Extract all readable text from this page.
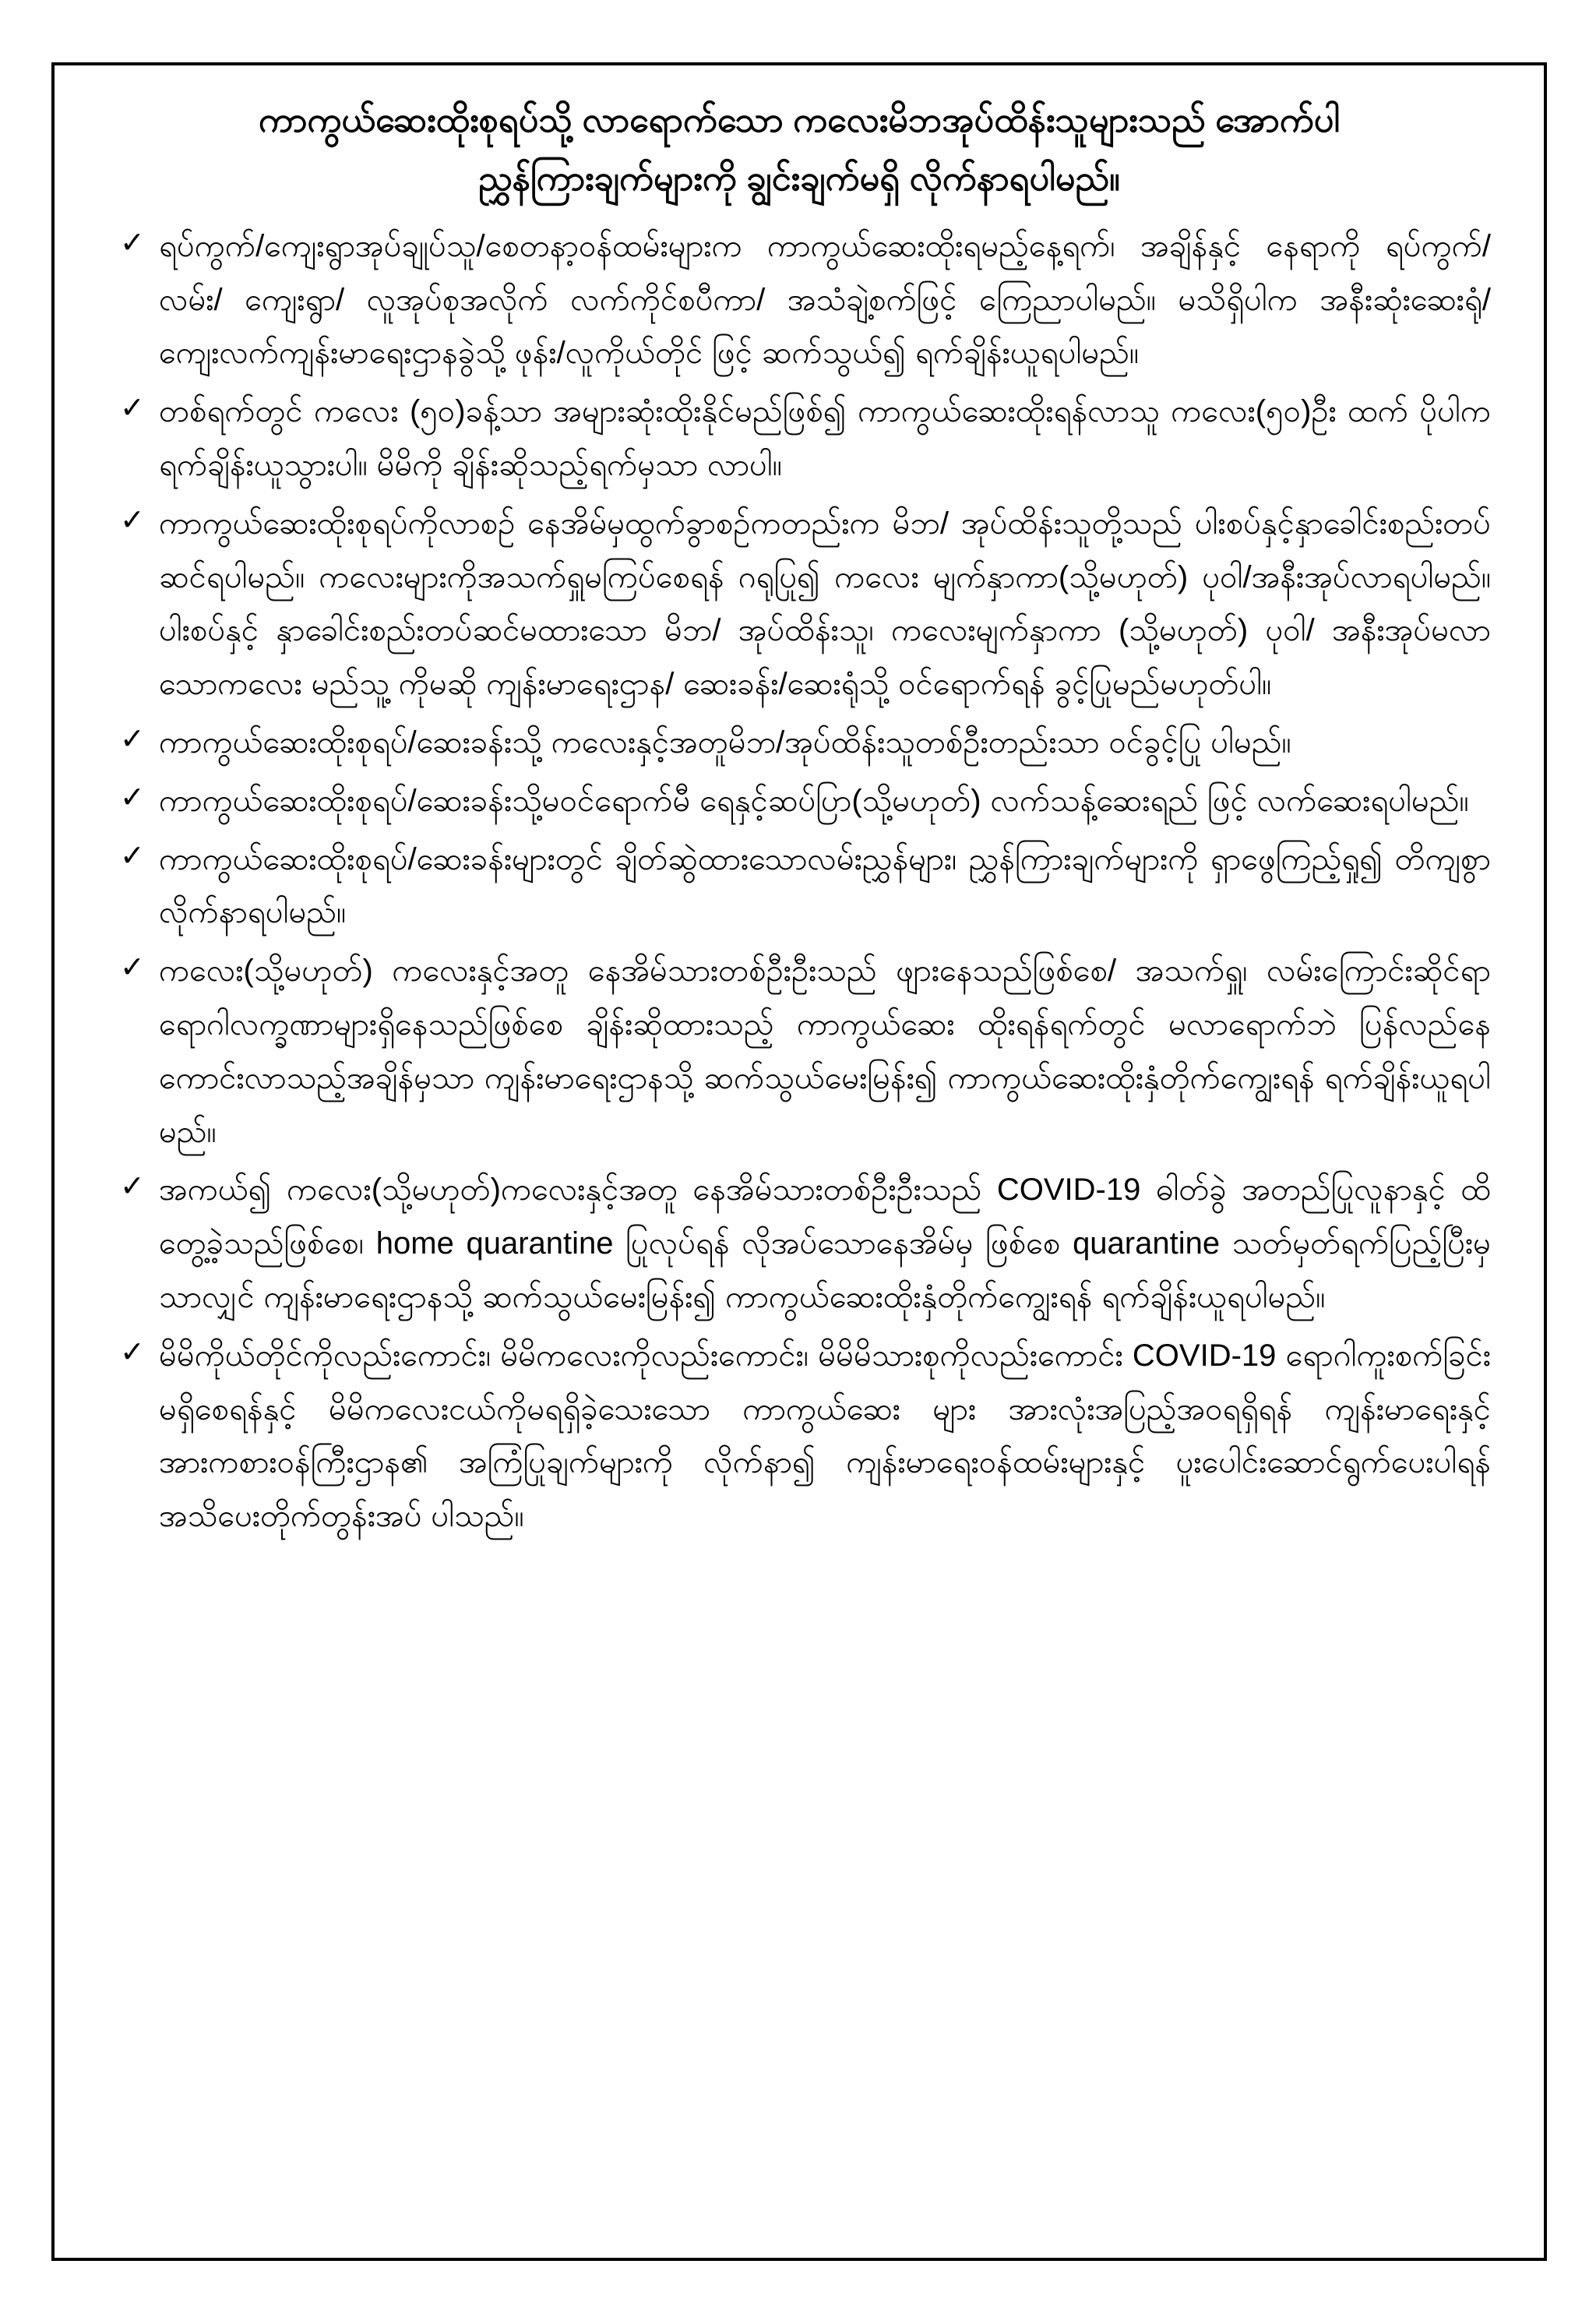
ကာကွယ်ဆေးထိုးစုရပ်သို့ လာရောက်သော ကလေးမိဘအုပ်ထိန်းသူများသည် အောက်ပါ
ညွှန်ကြားချက်များကို ချွင်းချက်မရှိ လိုက်နာရပါမည်။
✓ ရပ်ကွက်/ကျေးရွာအုပ်ချုပ်သူ/စေတနာ့ဝန်ထမ်းများက ကာကွယ်ဆေးထိုးရမည့်နေ့ရက်၊ အချိန်နှင့် နေရာကို ရပ်ကွက်/ လမ်း/ ကျေးရွာ/ လူအုပ်စုအလိုက် လက်ကိုင်စပီကာ/ အသံချဲ့စက်ဖြင့် ကြေညာပါမည်။ မသိရှိပါက အနီးဆုံးဆေးရုံ/ ကျေးလက်ကျန်းမာရေးဌာနခွဲသို့ ဖုန်း/လူကိုယ်တိုင် ဖြင့် ဆက်သွယ်၍ ရက်ချိန်းယူရပါမည်။
✓ တစ်ရက်တွင် ကလေး (၅၀)ခန့်သာ အများဆုံးထိုးနိုင်မည်ဖြစ်၍ ကာကွယ်ဆေးထိုးရန်လာသူ ကလေး(၅၀)ဦး ထက် ပိုပါက ရက်ချိန်းယူသွားပါ။ မိမိကို ချိန်းဆိုသည့်ရက်မှသာ လာပါ။
✓ ကာကွယ်ဆေးထိုးစုရပ်ကိုလာစဉ် နေအိမ်မှထွက်ခွာစဉ်ကတည်းက မိဘ/ အုပ်ထိန်းသူတို့သည် ပါးစပ်နှင့်နှာခေါင်းစည်းတပ်ဆင်ရပါမည်။ ကလေးများကိုအသက်ရှူမကြပ်စေရန် ဂရုပြု၍ ကလေး မျက်နှာကာ(သို့မဟုတ်) ပုဝါ/အနီးအုပ်လာရပါမည်။ ပါးစပ်နှင့် နှာခေါင်းစည်းတပ်ဆင်မထားသော မိဘ/ အုပ်ထိန်းသူ၊ ကလေးမျက်နှာကာ (သို့မဟုတ်) ပုဝါ/ အနီးအုပ်မလာသောကလေး မည်သူ့ ကိုမဆို ကျန်းမာရေးဌာန/ ဆေးခန်း/ဆေးရုံသို့ ဝင်ရောက်ရန် ခွင့်ပြုမည်မဟုတ်ပါ။
✓ ကာကွယ်ဆေးထိုးစုရပ်/ဆေးခန်းသို့ ကလေးနှင့်အတူမိဘ/အုပ်ထိန်းသူတစ်ဦးတည်းသာ ဝင်ခွင့်ပြု ပါမည်။
✓ ကာကွယ်ဆေးထိုးစုရပ်/ဆေးခန်းသို့မဝင်ရောက်မီ ရေနှင့်ဆပ်ပြာ(သို့မဟုတ်) လက်သန့်ဆေးရည် ဖြင့် လက်ဆေးရပါမည်။
✓ ကာကွယ်ဆေးထိုးစုရပ်/ဆေးခန်းများတွင် ချိတ်ဆွဲထားသောလမ်းညွှန်များ၊ ညွှန်ကြားချက်များကို ရှာဖွေကြည့်ရှု၍ တိကျစွာလိုက်နာရပါမည်။
✓ ကလေး(သို့မဟုတ်) ကလေးနှင့်အတူ နေအိမ်သားတစ်ဦးဦးသည် ဖျားနေသည်ဖြစ်စေ/ အသက်ရှူ၊ လမ်းကြောင်းဆိုင်ရာ ရောဂါလက္ခဏာများရှိနေသည်ဖြစ်စေ ချိန်းဆိုထားသည့် ကာကွယ်ဆေး ထိုးရန်ရက်တွင် မလာရောက်ဘဲ ပြန်လည်နေကောင်းလာသည့်အချိန်မှသာ ကျန်းမာရေးဌာနသို့ ဆက်သွယ်မေးမြန်း၍ ကာကွယ်ဆေးထိုးနှံတိုက်ကျွေးရန် ရက်ချိန်းယူရပါမည်။
✓ အကယ်၍ ကလေး(သို့မဟုတ်)ကလေးနှင့်အတူ နေအိမ်သားတစ်ဦးဦးသည် COVID-19 ဓါတ်ခွဲ အတည်ပြုလူနာနှင့် ထိတွေ့ခဲ့သည်ဖြစ်စေ၊ home quarantine ပြုလုပ်ရန် လိုအပ်သောနေအိမ်မှ ဖြစ်စေ quarantine သတ်မှတ်ရက်ပြည့်ပြီးမှသာလျှင် ကျန်းမာရေးဌာနသို့ ဆက်သွယ်မေးမြန်း၍ ကာကွယ်ဆေးထိုးနှံတိုက်ကျွေးရန် ရက်ချိန်းယူရပါမည်။
✓ မိမိကိုယ်တိုင်ကိုလည်းကောင်း၊ မိမိကလေးကိုလည်းကောင်း၊ မိမိမိသားစုကိုလည်းကောင်း COVID-19 ရောဂါကူးစက်ခြင်းမရှိစေရန်နှင့် မိမိကလေးငယ်ကိုမရရှိခဲ့သေးသော ကာကွယ်ဆေး များ အားလုံးအပြည့်အဝရရှိရန် ကျန်းမာရေးနှင့် အားကစားဝန်ကြီးဌာန၏ အကြံပြုချက်များကို လိုက်နာ၍ ကျန်းမာရေးဝန်ထမ်းများနှင့် ပူးပေါင်းဆောင်ရွက်ပေးပါရန် အသိပေးတိုက်တွန်းအပ် ပါသည်။
